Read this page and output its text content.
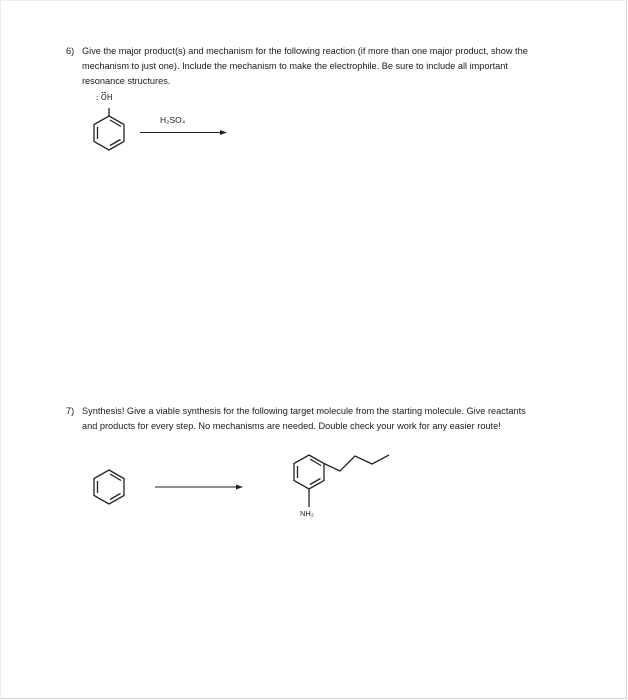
6) Give the major product(s) and mechanism for the following reaction (if more than one major product, show the
mechanism to just one). Include the mechanism to make the electrophile. Be sure to include all important
resonance structures.
7) Synthesis! Give a viable synthesis for the following target molecule from the starting molecule. Give reactants
and products for every step. No mechanisms are needed. Double check your work for any easier route!
: OH
H₂SO₄
NH₂
